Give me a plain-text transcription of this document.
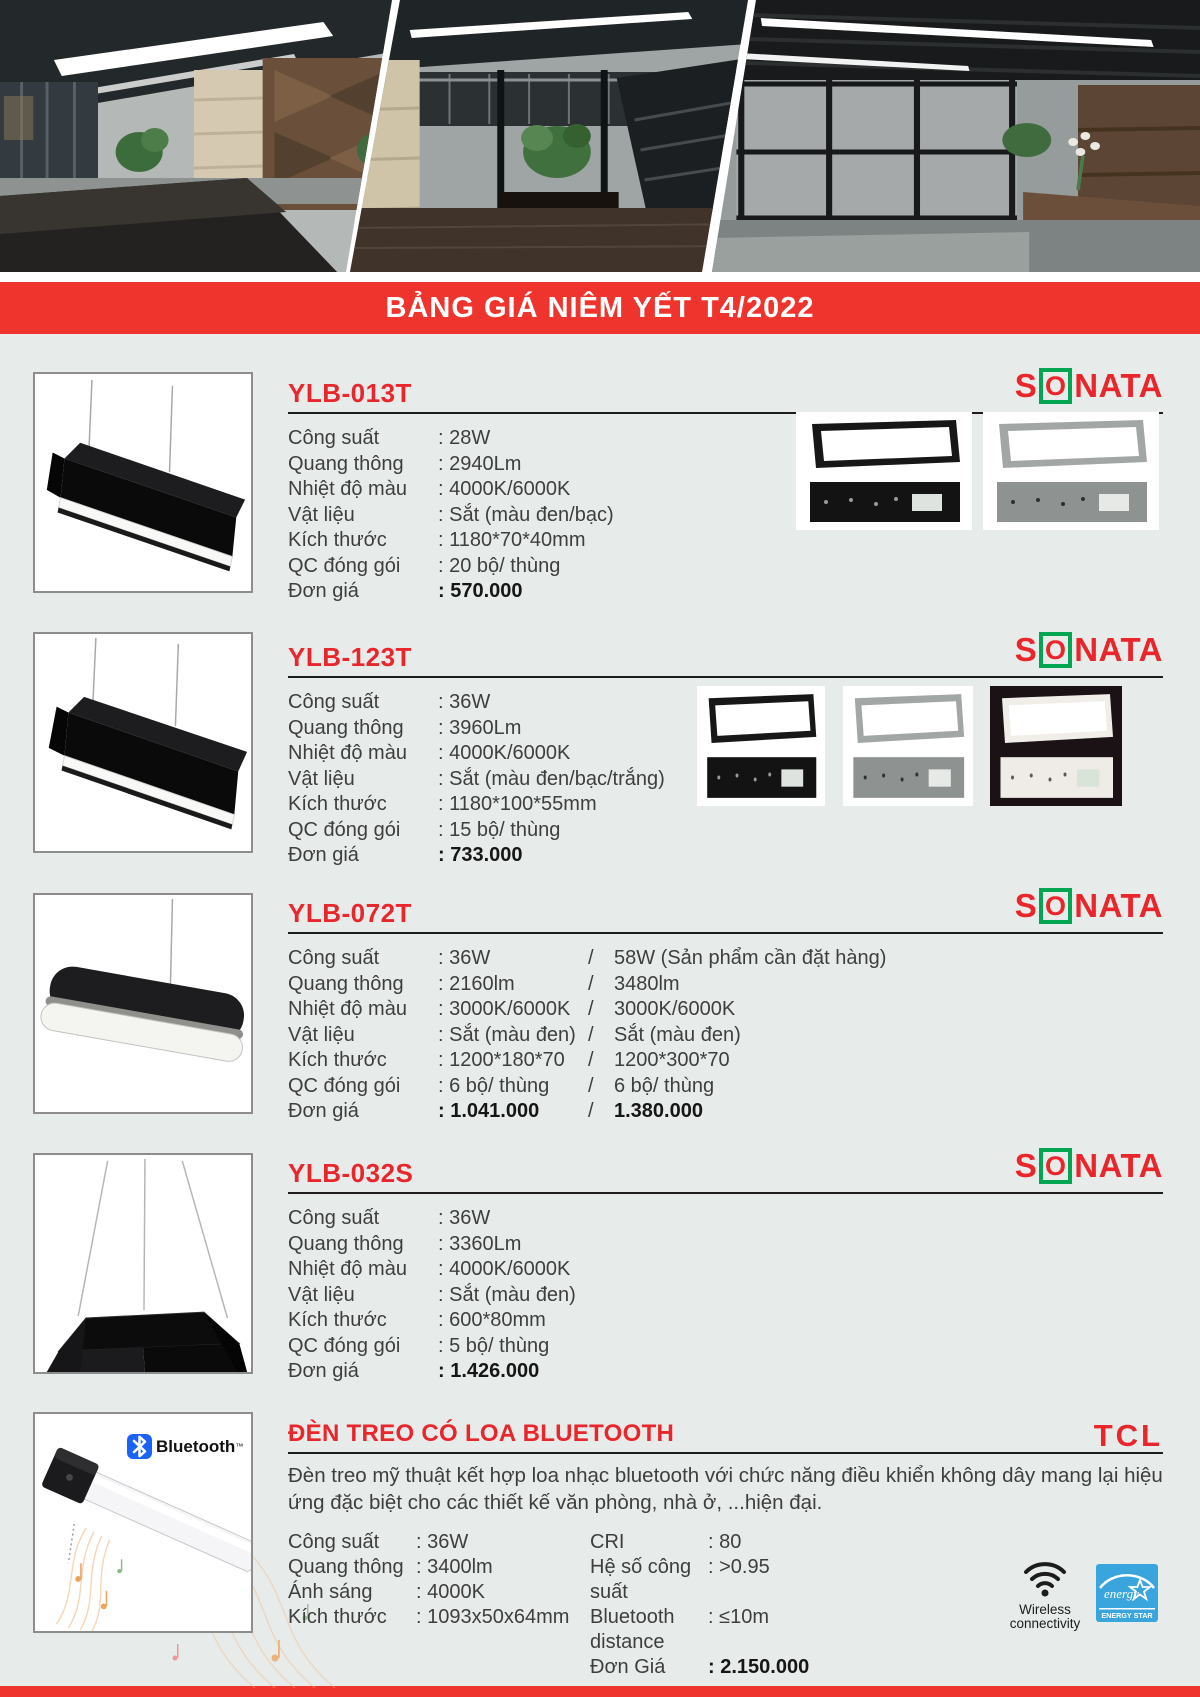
BẢNG GIÁ NIÊM YẾT T4/2022
S O NATA
YLB-013T
Công suất	: 28W
Quang thông	: 2940Lm
Nhiệt độ màu	: 4000K/6000K
Vật liệu	: Sắt (màu đen/bạc)
Kích thước	: 1180*70*40mm
QC đóng gói	: 20 bộ/ thùng
Đơn giá	: 570.000
S O NATA
YLB-123T
Công suất	: 36W
Quang thông	: 3960Lm
Nhiệt độ màu	: 4000K/6000K
Vật liệu	: Sắt (màu đen/bạc/trắng)
Kích thước	: 1180*100*55mm
QC đóng gói	: 15 bộ/ thùng
Đơn giá	: 733.000
S O NATA
YLB-072T
Công suất	: 36W	/	58W (Sản phẩm cần đặt hàng)
Quang thông	: 2160lm	/	3480lm
Nhiệt độ màu	: 3000K/6000K /	3000K/6000K
Vật liệu	: Sắt (màu đen) /	Sắt (màu đen)
Kích thước	: 1200*180*70	/	1200*300*70
QC đóng gói	: 6 bộ/ thùng	/	6 bộ/ thùng
Đơn giá	: 1.041.000	/	1.380.000
S O NATA
YLB-032S
Công suất	: 36W
Quang thông	: 3360Lm
Nhiệt độ màu	: 4000K/6000K
Vật liệu	: Sắt (màu đen)
Kích thước	: 600*80mm
QC đóng gói	: 5 bộ/ thùng
Đơn giá	: 1.426.000
Bluetooth ™	TCL
ĐÈN TREO CÓ LOA BLUETOOTH

Đèn treo mỹ thuật kết hợp loa nhạc bluetooth với chức năng điều khiển không dây mang lại hiệu ứng đặc biệt cho các thiết kế văn phòng, nhà ở, ...hiện đại.

Công suất	: 36W
Quang thông : 3400lm
Ánh sáng	: 4000K
Kích thước	: 1093x50x64mm
CRI	: 80
Hệ số công suất
: >0.95
Bluetooth distance
: ≤10m
Đơn Giá	: 2.150.000
Wireless
connectivity
energy
ENERGY STAR
